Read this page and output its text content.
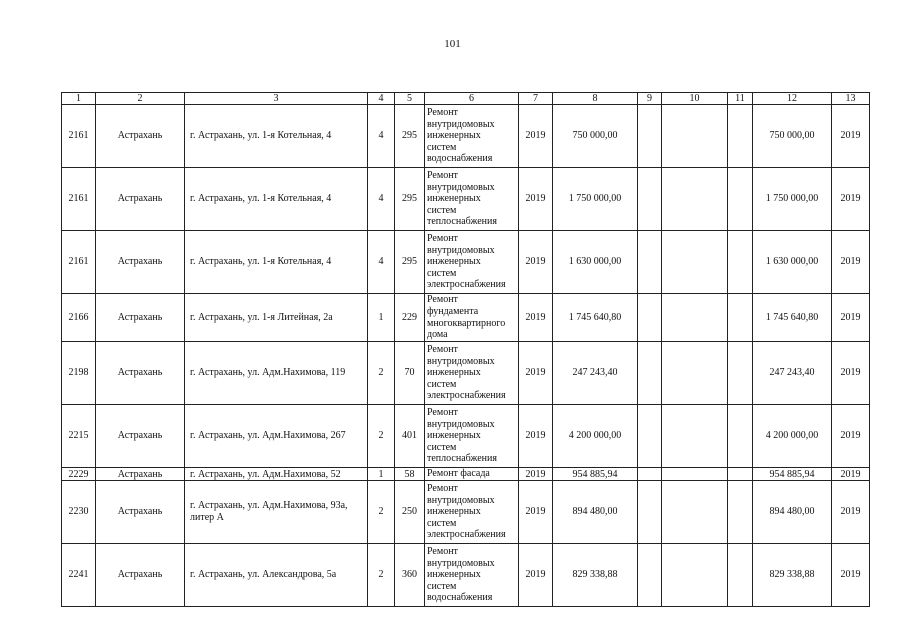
101
1	2	3	4	5	6	7	8	9	10	11	12	13
2161	Астрахань	г. Астрахань, ул. 1-я Котельная, 4	4	295	Ремонт
внутридомовых
инженерных
систем
водоснабжения	2019	750 000,00				750 000,00	2019
2161	Астрахань	г. Астрахань, ул. 1-я Котельная, 4	4	295	Ремонт
внутридомовых
инженерных
систем
теплоснабжения	2019	1 750 000,00				1 750 000,00	2019
2161	Астрахань	г. Астрахань, ул. 1-я Котельная, 4	4	295	Ремонт
внутридомовых
инженерных
систем
электроснабжения	2019	1 630 000,00				1 630 000,00	2019
2166	Астрахань	г. Астрахань, ул. 1-я Литейная, 2а	1	229	Ремонт
фундамента
многоквартирного
дома	2019	1 745 640,80				1 745 640,80	2019
2198	Астрахань	г. Астрахань, ул. Адм.Нахимова, 119	2	70	Ремонт
внутридомовых
инженерных
систем
электроснабжения	2019	247 243,40				247 243,40	2019
2215	Астрахань	г. Астрахань, ул. Адм.Нахимова, 267	2	401	Ремонт
внутридомовых
инженерных
систем
теплоснабжения	2019	4 200 000,00				4 200 000,00	2019
2229	Астрахань	г. Астрахань, ул. Адм.Нахимова, 52	1	58	Ремонт фасада	2019	954 885,94				954 885,94	2019
2230	Астрахань	г. Астрахань, ул. Адм.Нахимова, 93а, литер А	2	250	Ремонт
внутридомовых
инженерных
систем
электроснабжения	2019	894 480,00				894 480,00	2019
2241	Астрахань	г. Астрахань, ул. Александрова, 5а	2	360	Ремонт
внутридомовых
инженерных
систем
водоснабжения	2019	829 338,88				829 338,88	2019
